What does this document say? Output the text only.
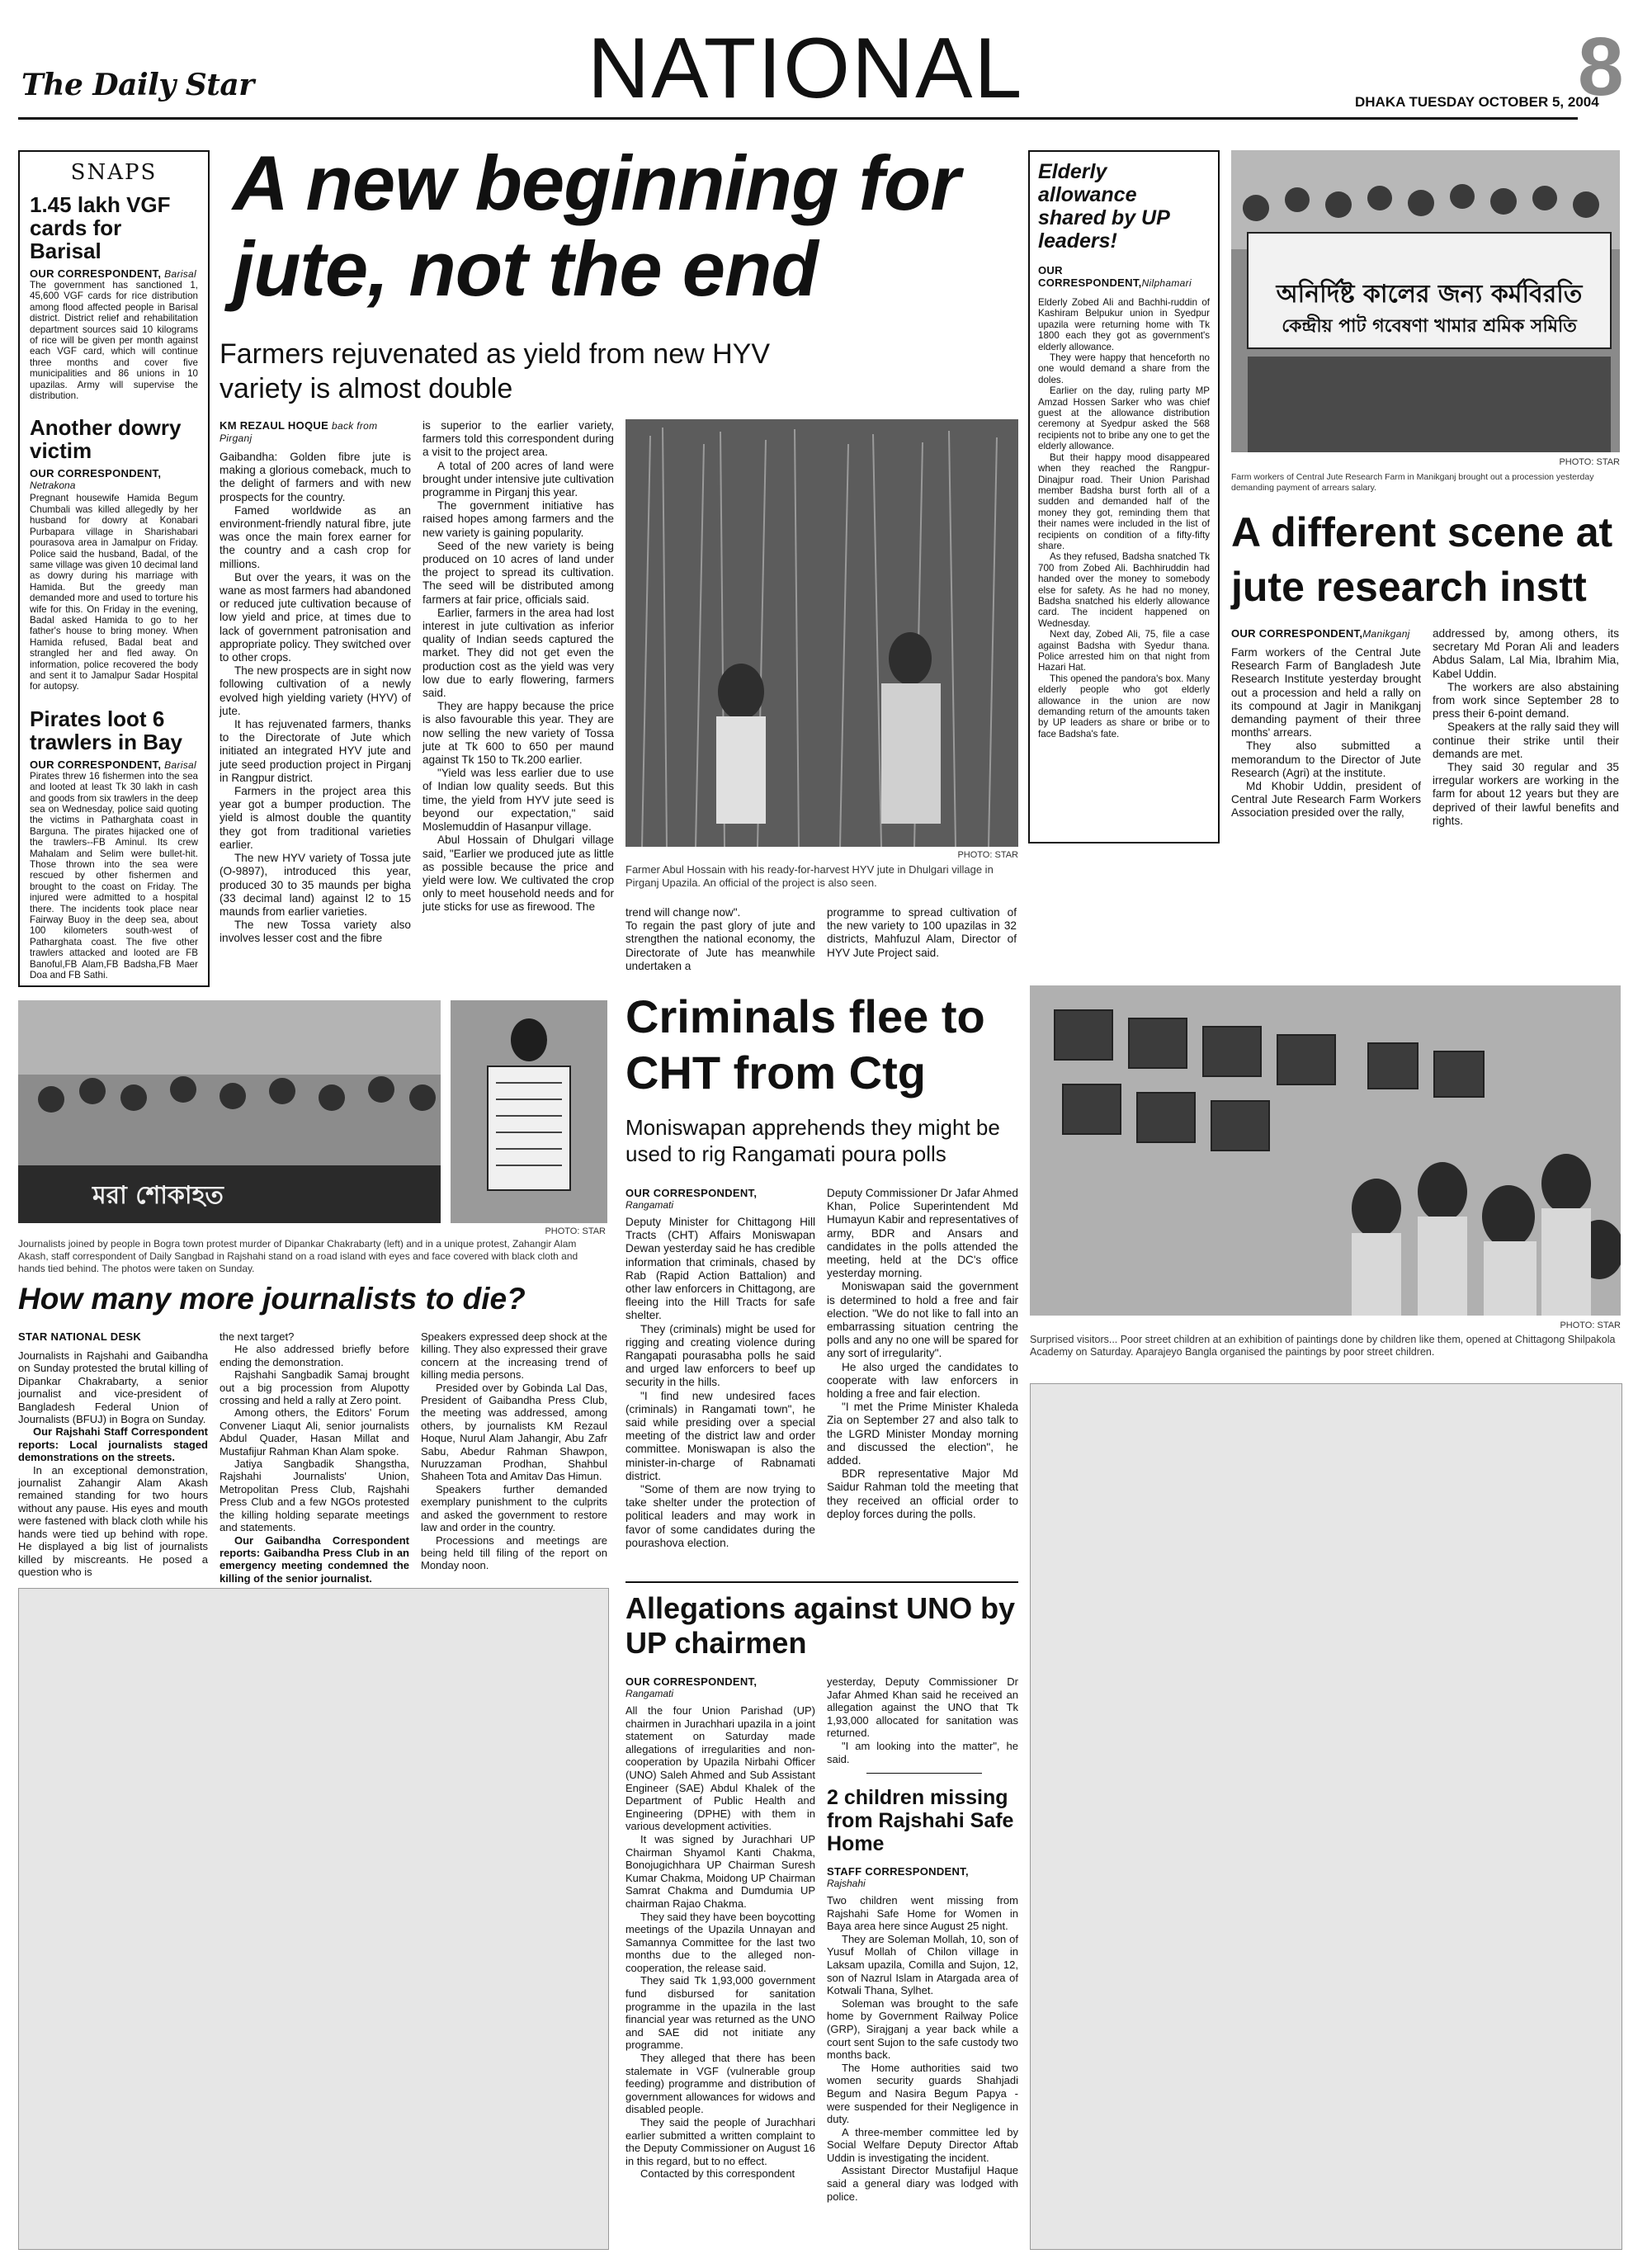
The Daily Star	NATIONAL	DHAKA TUESDAY OCTOBER 5, 2004
8
SNAPS

1.45 lakh VGF cards for Barisal

OUR CORRESPONDENT, Barisal

The government has sanctioned 1, 45,600 VGF cards for rice distribution among flood affected people in Barisal district. District relief and rehabilitation department sources said 10 kilograms of rice will be given per month against each VGF card, which will continue three months and cover five municipalities and 86 unions in 10 upazilas. Army will supervise the distribution.

Another dowry victim

OUR CORRESPONDENT,

Netrakona

Pregnant housewife Hamida Begum Chumbali was killed allegedly by her husband for dowry at Konabari Purbapara village in Sharishabari pourasova area in Jamalpur on Friday. Police said the husband, Badal, of the same village was given 10 decimal land as dowry during his marriage with Hamida. But the greedy man demanded more and used to torture his wife for this. On Friday in the evening, Badal asked Hamida to go to her father's house to bring money. When Hamida refused, Badal beat and strangled her and fled away. On information, police recovered the body and sent it to Jamalpur Sadar Hospital for autopsy.

Pirates loot 6 trawlers in Bay

OUR CORRESPONDENT, Barisal

Pirates threw 16 fishermen into the sea and looted at least Tk 30 lakh in cash and goods from six trawlers in the deep sea on Wednesday, police said quoting the victims in Patharghata coast in Barguna. The pirates hijacked one of the trawlers--FB Aminul. Its crew Mahalam and Selim were bullet-hit. Those thrown into the sea were rescued by other fishermen and brought to the coast on Friday. The injured were admitted to a hospital there. The incidents took place near Fairway Buoy in the deep sea, about 100 kilometers south-west of Patharghata coast. The five other trawlers attacked and looted are FB Banoful,FB Alam,FB Badsha,FB Maer Doa and FB Sathi.

A new beginning for jute, not the end
Farmers rejuvenated as yield from new HYV variety is almost double

KM REZAUL HOQUE back from Pirganj

Gaibandha: Golden fibre jute is making a glorious comeback, much to the delight of farmers and with new prospects for the country.

Famed worldwide as an environment-friendly natural fibre, jute was once the main forex earner for the country and a cash crop for millions.

But over the years, it was on the wane as most farmers had abandoned or reduced jute cultivation because of low yield and price, at times due to lack of government patronisation and appropriate policy. They switched over to other crops.

The new prospects are in sight now following cultivation of a newly evolved high yielding variety (HYV) of jute.

It has rejuvenated farmers, thanks to the Directorate of Jute which initiated an integrated HYV jute and jute seed production project in Pirganj in Rangpur district.

Farmers in the project area this year got a bumper production. The yield is almost double the quantity they got from traditional varieties earlier.

The new HYV variety of Tossa jute (O-9897), introduced this year, produced 30 to 35 maunds per bigha (33 decimal land) against l2 to 15 maunds from earlier varieties.

The new Tossa variety also involves lesser cost and the fibre

is superior to the earlier variety, farmers told this correspondent during a visit to the project area.

A total of 200 acres of land were brought under intensive jute cultivation programme in Pirganj this year.

The government initiative has raised hopes among farmers and the new variety is gaining popularity.

Seed of the new variety is being produced on 10 acres of land under the project to spread its cultivation. The seed will be distributed among farmers at fair price, officials said.

Earlier, farmers in the area had lost interest in jute cultivation as inferior quality of Indian seeds captured the market. They did not get even the production cost as the yield was very low due to early flowering, farmers said.

They are happy because the price is also favourable this year. They are now selling the new variety of Tossa jute at Tk 600 to 650 per maund against Tk 150 to Tk.200 earlier.

"Yield was less earlier due to use of Indian low quality seeds. But this time, the yield from HYV jute seed is beyond our expectation," said Moslemuddin of Hasanpur village.

Abul Hossain of Dhulgari village said, "Earlier we produced jute as little as possible because the price and yield were low. We cultivated the crop only to meet household needs and for jute sticks for use as firewood. The

PHOTO: STAR
Farmer Abul Hossain with his ready-for-harvest HYV jute in Dhulgari village in Pirganj Upazila. An official of the project is also seen.
trend will change now".
To regain the past glory of jute and strengthen the national economy, the Directorate of Jute has meanwhile undertaken a
programme to spread cultivation of the new variety to 100 upazilas in 32 districts, Mahfuzul Alam, Director of HYV Jute Project said.
Elderly allowance shared by UP leaders!

OUR CORRESPONDENT,Nilphamari

Elderly Zobed Ali and Bachhi-ruddin of Kashiram Belpukur union in Syedpur upazila were returning home with Tk 1800 each they got as government's elderly allowance.

They were happy that henceforth no one would demand a share from the doles.

Earlier on the day, ruling party MP Amzad Hossen Sarker who was chief guest at the allowance distribution ceremony at Syedpur asked the 568 recipients not to bribe any one to get the elderly allowance.

But their happy mood disappeared when they reached the Rangpur-Dinajpur road. Their Union Parishad member Badsha burst forth all of a sudden and demanded half of the money they got, reminding them that their names were included in the list of recipients on condition of a fifty-fifty share.

As they refused, Badsha snatched Tk 700 from Zobed Ali. Bachhiruddin had handed over the money to somebody else for safety. As he had no money, Badsha snatched his elderly allowance card. The incident happened on Wednesday.

Next day, Zobed Ali, 75, file a case against Badsha with Syedur thana. Police arrested him on that night from Hazari Hat.

This opened the pandora's box. Many elderly people who got elderly allowance in the union are now demanding return of the amounts taken by UP leaders as share or bribe or to face Badsha's fate.

অনির্দিষ্ট কালের জন্য কর্মবিরতি
কেন্দ্রীয় পাট গবেষণা খামার শ্রমিক সমিতি
PHOTO: STAR
Farm workers of Central Jute Research Farm in Manikganj brought out a procession yesterday demanding payment of arrears salary.
A different scene at jute research instt

OUR CORRESPONDENT,Manikganj

Farm workers of the Central Jute Research Farm of Bangladesh Jute Research Institute yesterday brought out a procession and held a rally on its compound at Jagir in Manikganj demanding payment of their three months' arrears.

They also submitted a memorandum to the Director of Jute Research (Agri) at the institute.

Md Khobir Uddin, president of Central Jute Research Farm Workers Association presided over the rally,

addressed by, among others, its secretary Md Poran Ali and leaders Abdus Salam, Lal Mia, Ibrahim Mia, Kabel Uddin.

The workers are also abstaining from work since September 28 to press their 6-point demand.

Speakers at the rally said they will continue their strike until their demands are met.

They said 30 regular and 35 irregular workers are working in the farm for about 12 years but they are deprived of their lawful benefits and rights.

মরা শোকাহত
PHOTO: STAR
Journalists joined by people in Bogra town protest murder of Dipankar Chakrabarty (left) and in a unique protest, Zahangir Alam Akash, staff correspondent of Daily Sangbad in Rajshahi stand on a road island with eyes and face covered with black cloth and hands tied behind. The photos were taken on Sunday.
How many more journalists to die?

STAR NATIONAL DESK

Journalists in Rajshahi and Gaibandha on Sunday protested the brutal killing of Dipankar Chakrabarty, a senior journalist and vice-president of Bangladesh Federal Union of Journalists (BFUJ) in Bogra on Sunday.

Our Rajshahi Staff Correspondent reports: Local journalists staged demonstrations on the streets.

In an exceptional demonstration, journalist Zahangir Alam Akash remained standing for two hours without any pause. His eyes and mouth were fastened with black cloth while his hands were tied up behind with rope. He displayed a big list of journalists killed by miscreants. He posed a question who is

the next target?

He also addressed briefly before ending the demonstration.

Rajshahi Sangbadik Samaj brought out a big procession from Alupotty crossing and held a rally at Zero point.

Among others, the Editors' Forum Convener Liaqut Ali, senior journalists Abdul Quader, Hasan Millat and Mustafijur Rahman Khan Alam spoke.

Jatiya Sangbadik Shangstha, Rajshahi Journalists' Union, Metropolitan Press Club, Rajshahi Press Club and a few NGOs protested the killing holding separate meetings and statements.

Our Gaibandha Correspondent reports: Gaibandha Press Club in an emergency meeting condemned the killing of the senior journalist.

Speakers expressed deep shock at the killing. They also expressed their grave concern at the increasing trend of killing media persons.

Presided over by Gobinda Lal Das, President of Gaibandha Press Club, the meeting was addressed, among others, by journalists KM Rezaul Hoque, Nurul Alam Jahangir, Abu Zafr Sabu, Abedur Rahman Shawpon, Nuruzzaman Prodhan, Shahbul Shaheen Tota and Amitav Das Himun.

Speakers further demanded exemplary punishment to the culprits and asked the government to restore law and order in the country.

Processions and meetings are being held till filing of the report on Monday noon.

Criminals flee to CHT from Ctg
Moniswapan apprehends they might be used to rig Rangamati poura polls

OUR CORRESPONDENT,

Rangamati

Deputy Minister for Chittagong Hill Tracts (CHT) Affairs Moniswapan Dewan yesterday said he has credible information that criminals, chased by Rab (Rapid Action Battalion) and other law enforcers in Chittagong, are fleeing into the Hill Tracts for safe shelter.

They (criminals) might be used for rigging and creating violence during Rangapati pourasabha polls he said and urged law enforcers to beef up security in the hills.

"I find new undesired faces (criminals) in Rangamati town", he said while presiding over a special meeting of the district law and order committee. Moniswapan is also the minister-in-charge of Rabnamati district.

"Some of them are now trying to take shelter under the protection of political leaders and may work in favor of some candidates during the pourashova election.

Deputy Commissioner Dr Jafar Ahmed Khan, Police Superintendent Md Humayun Kabir and representatives of army, BDR and Ansars and candidates in the polls attended the meeting, held at the DC's office yesterday morning.

Moniswapan said the government is determined to hold a free and fair election. "We do not like to fall into an embarrassing situation centring the polls and any no one will be spared for any sort of irregularity".

He also urged the candidates to cooperate with law enforcers in holding a free and fair election.

"I met the Prime Minister Khaleda Zia on September 27 and also talk to the LGRD Minister Monday morning and discussed the election", he added.

BDR representative Major Md Saidur Rahman told the meeting that they received an official order to deploy forces during the polls.

PHOTO: STAR
Surprised visitors... Poor street children at an exhibition of paintings done by children like them, opened at Chittagong Shilpakola Academy on Saturday. Aparajeyo Bangla organised the paintings by poor street children.
Allegations against UNO by UP chairmen

OUR CORRESPONDENT,

Rangamati

All the four Union Parishad (UP) chairmen in Jurachhari upazila in a joint statement on Saturday made allegations of irregularities and non-cooperation by Upazila Nirbahi Officer (UNO) Saleh Ahmed and Sub Assistant Engineer (SAE) Abdul Khalek of the Department of Public Health and Engineering (DPHE) with them in various development activities.

It was signed by Jurachhari UP Chairman Shyamol Kanti Chakma, Bonojugichhara UP Chairman Suresh Kumar Chakma, Moidong UP Chairman Samrat Chakma and Dumdumia UP chairman Rajao Chakma.

They said they have been boycotting meetings of the Upazila Unnayan and Samannya Committee for the last two months due to the alleged non-cooperation, the release said.

They said Tk 1,93,000 government fund disbursed for sanitation programme in the upazila in the last financial year was returned as the UNO and SAE did not initiate any programme.

They alleged that there has been stalemate in VGF (vulnerable group feeding) programme and distribution of government allowances for widows and disabled people.

They said the people of Jurachhari earlier submitted a written complaint to the Deputy Commissioner on August 16 in this regard, but to no effect.

Contacted by this correspondent

yesterday, Deputy Commissioner Dr Jafar Ahmed Khan said he received an allegation against the UNO that Tk 1,93,000 allocated for sanitation was returned.

"I am looking into the matter", he said.

2 children missing from Rajshahi Safe Home

STAFF CORRESPONDENT,

Rajshahi

Two children went missing from Rajshahi Safe Home for Women in Baya area here since August 25 night.

They are Soleman Mollah, 10, son of Yusuf Mollah of Chilon village in Laksam upazila, Comilla and Sujon, 12, son of Nazrul Islam in Atargada area of Kotwali Thana, Sylhet.

Soleman was brought to the safe home by Government Railway Police (GRP), Sirajganj a year back while a court sent Sujon to the safe custody two months back.

The Home authorities said two women security guards Shahjadi Begum and Nasira Begum Papya - were suspended for their Negligence in duty.

A three-member committee led by Social Welfare Deputy Director Aftab Uddin is investigating the incident.

Assistant Director Mustafijul Haque said a general diary was lodged with police.
